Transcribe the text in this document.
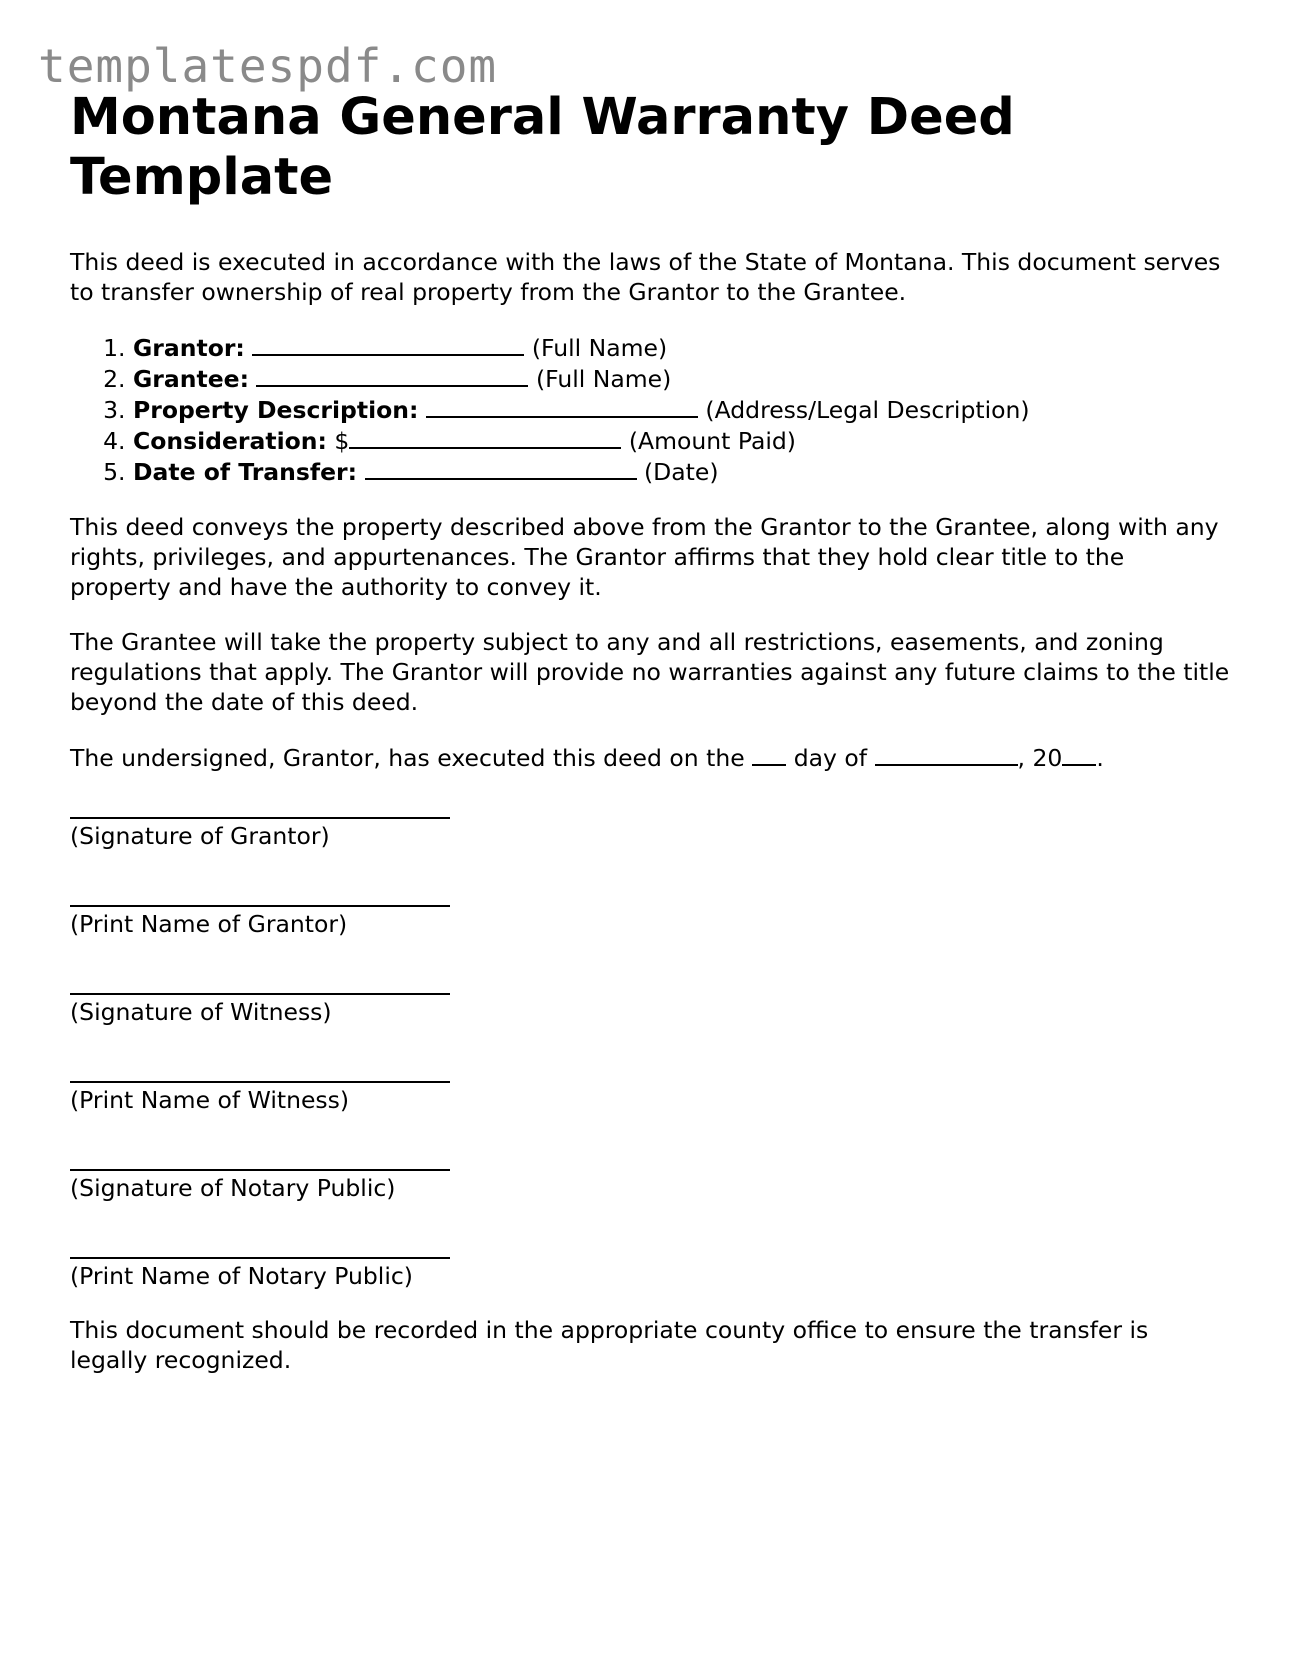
templatespdf.com
Montana General Warranty Deed Template

This deed is executed in accordance with the laws of the State of Montana. This document serves to transfer ownership of real property from the Grantor to the Grantee.

1. Grantor:	(Full Name)
2. Grantee:	(Full Name)
3. Property Description:	(Address/Legal Description)
4. Consideration: $	(Amount Paid)
5. Date of Transfer:	(Date)

This deed conveys the property described above from the Grantor to the Grantee, along with any rights, privileges, and appurtenances. The Grantor affirms that they hold clear title to the property and have the authority to convey it.

The Grantee will take the property subject to any and all restrictions, easements, and zoning regulations that apply. The Grantor will provide no warranties against any future claims to the title beyond the date of this deed.

The undersigned, Grantor, has executed this deed on the day of	, 20 .

(Signature of Grantor)
(Print Name of Grantor)
(Signature of Witness)
(Print Name of Witness)
(Signature of Notary Public)
(Print Name of Notary Public)

This document should be recorded in the appropriate county office to ensure the transfer is legally recognized.
